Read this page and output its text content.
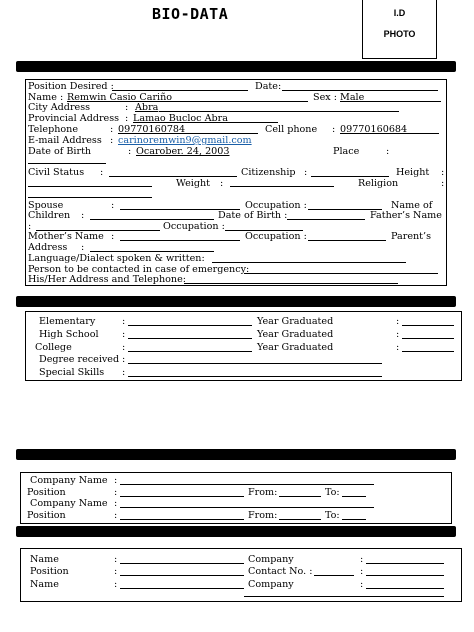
BIO-DATA	I.D
PHOTO
Position Desired :	Date:
Name : Remwin Casio Cariño	Sex : Male
City Address	: Abra
Provincial Address : Lamao Bucloc Abra
Telephone	: 09770160784	Cell phone : 09770160684
E-mail Address : carinoremwin9@gmail.com
Date of Birth	: Ocarober. 24, 2003	Place	:
Civil Status :	Citizenship :	Height :
Weight :	Religion	:
Spouse	:	Occupation :	Name of
Children :	Date of Birth :	Father’s Name
:	Occupation :
Mother’s Name :	Occupation :	Parent’s
Address :
Language/Dialect spoken & written:
Person to be contacted in case of emergency:
His/Her Address and Telephone:
Elementary	:	Year Graduated	:
High School :	Year Graduated	:
College	:	Year Graduated	:
Degree received :
Special Skills :
Company Name :
Position	:	From:	To:
Company Name :
Position	:	From:	To:
Name	:	Company	:
Position	:	Contact No. :	:
Name	:	Company	:
